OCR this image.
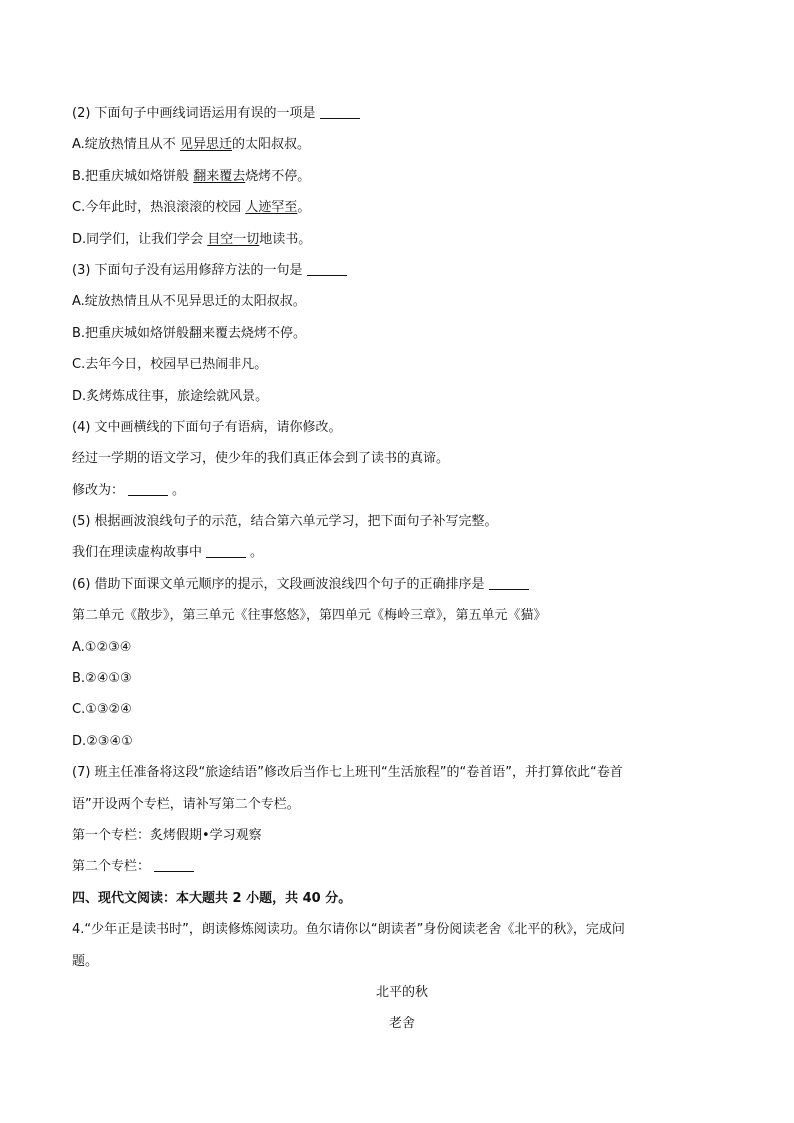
(2) 下面句子中画线词语运用有误的一项是
A.绽放热情且从不 见异思迁的太阳叔叔。
B.把重庆城如烙饼般 翻来覆去烧烤不停。
C.今年此时，热浪滚滚的校园 人迹罕至。
D.同学们，让我们学会 目空一切地读书。
(3) 下面句子没有运用修辞方法的一句是
A.绽放热情且从不见异思迁的太阳叔叔。
B.把重庆城如烙饼般翻来覆去烧烤不停。
C.去年今日，校园早已热闹非凡。
D.炙烤炼成往事，旅途绘就风景。
(4) 文中画横线的下面句子有语病，请你修改。
经过一学期的语文学习，使少年的我们真正体会到了读书的真谛。
修改为：	。
(5) 根据画波浪线句子的示范，结合第六单元学习，把下面句子补写完整。
我们在理读虚构故事中	。
(6) 借助下面课文单元顺序的提示，文段画波浪线四个句子的正确排序是
第二单元《散步》，第三单元《往事悠悠》，第四单元《梅岭三章》，第五单元《猫》
A.①②③④
B.②④①③
C.①③②④
D.②③④①
(7) 班主任准备将这段“旅途结语”修改后当作七上班刊“生活旅程”的“卷首语”，并打算依此“卷首
语”开设两个专栏，请补写第二个专栏。
第一个专栏：炙烤假期•学习观察
第二个专栏：
四、现代文阅读：本大题共 2 小题，共 40 分。
4.“少年正是读书时”，朗读修炼阅读功。鱼尔请你以“朗读者”身份阅读老舍《北平的秋》，完成问
题。
北平的秋
老舍
